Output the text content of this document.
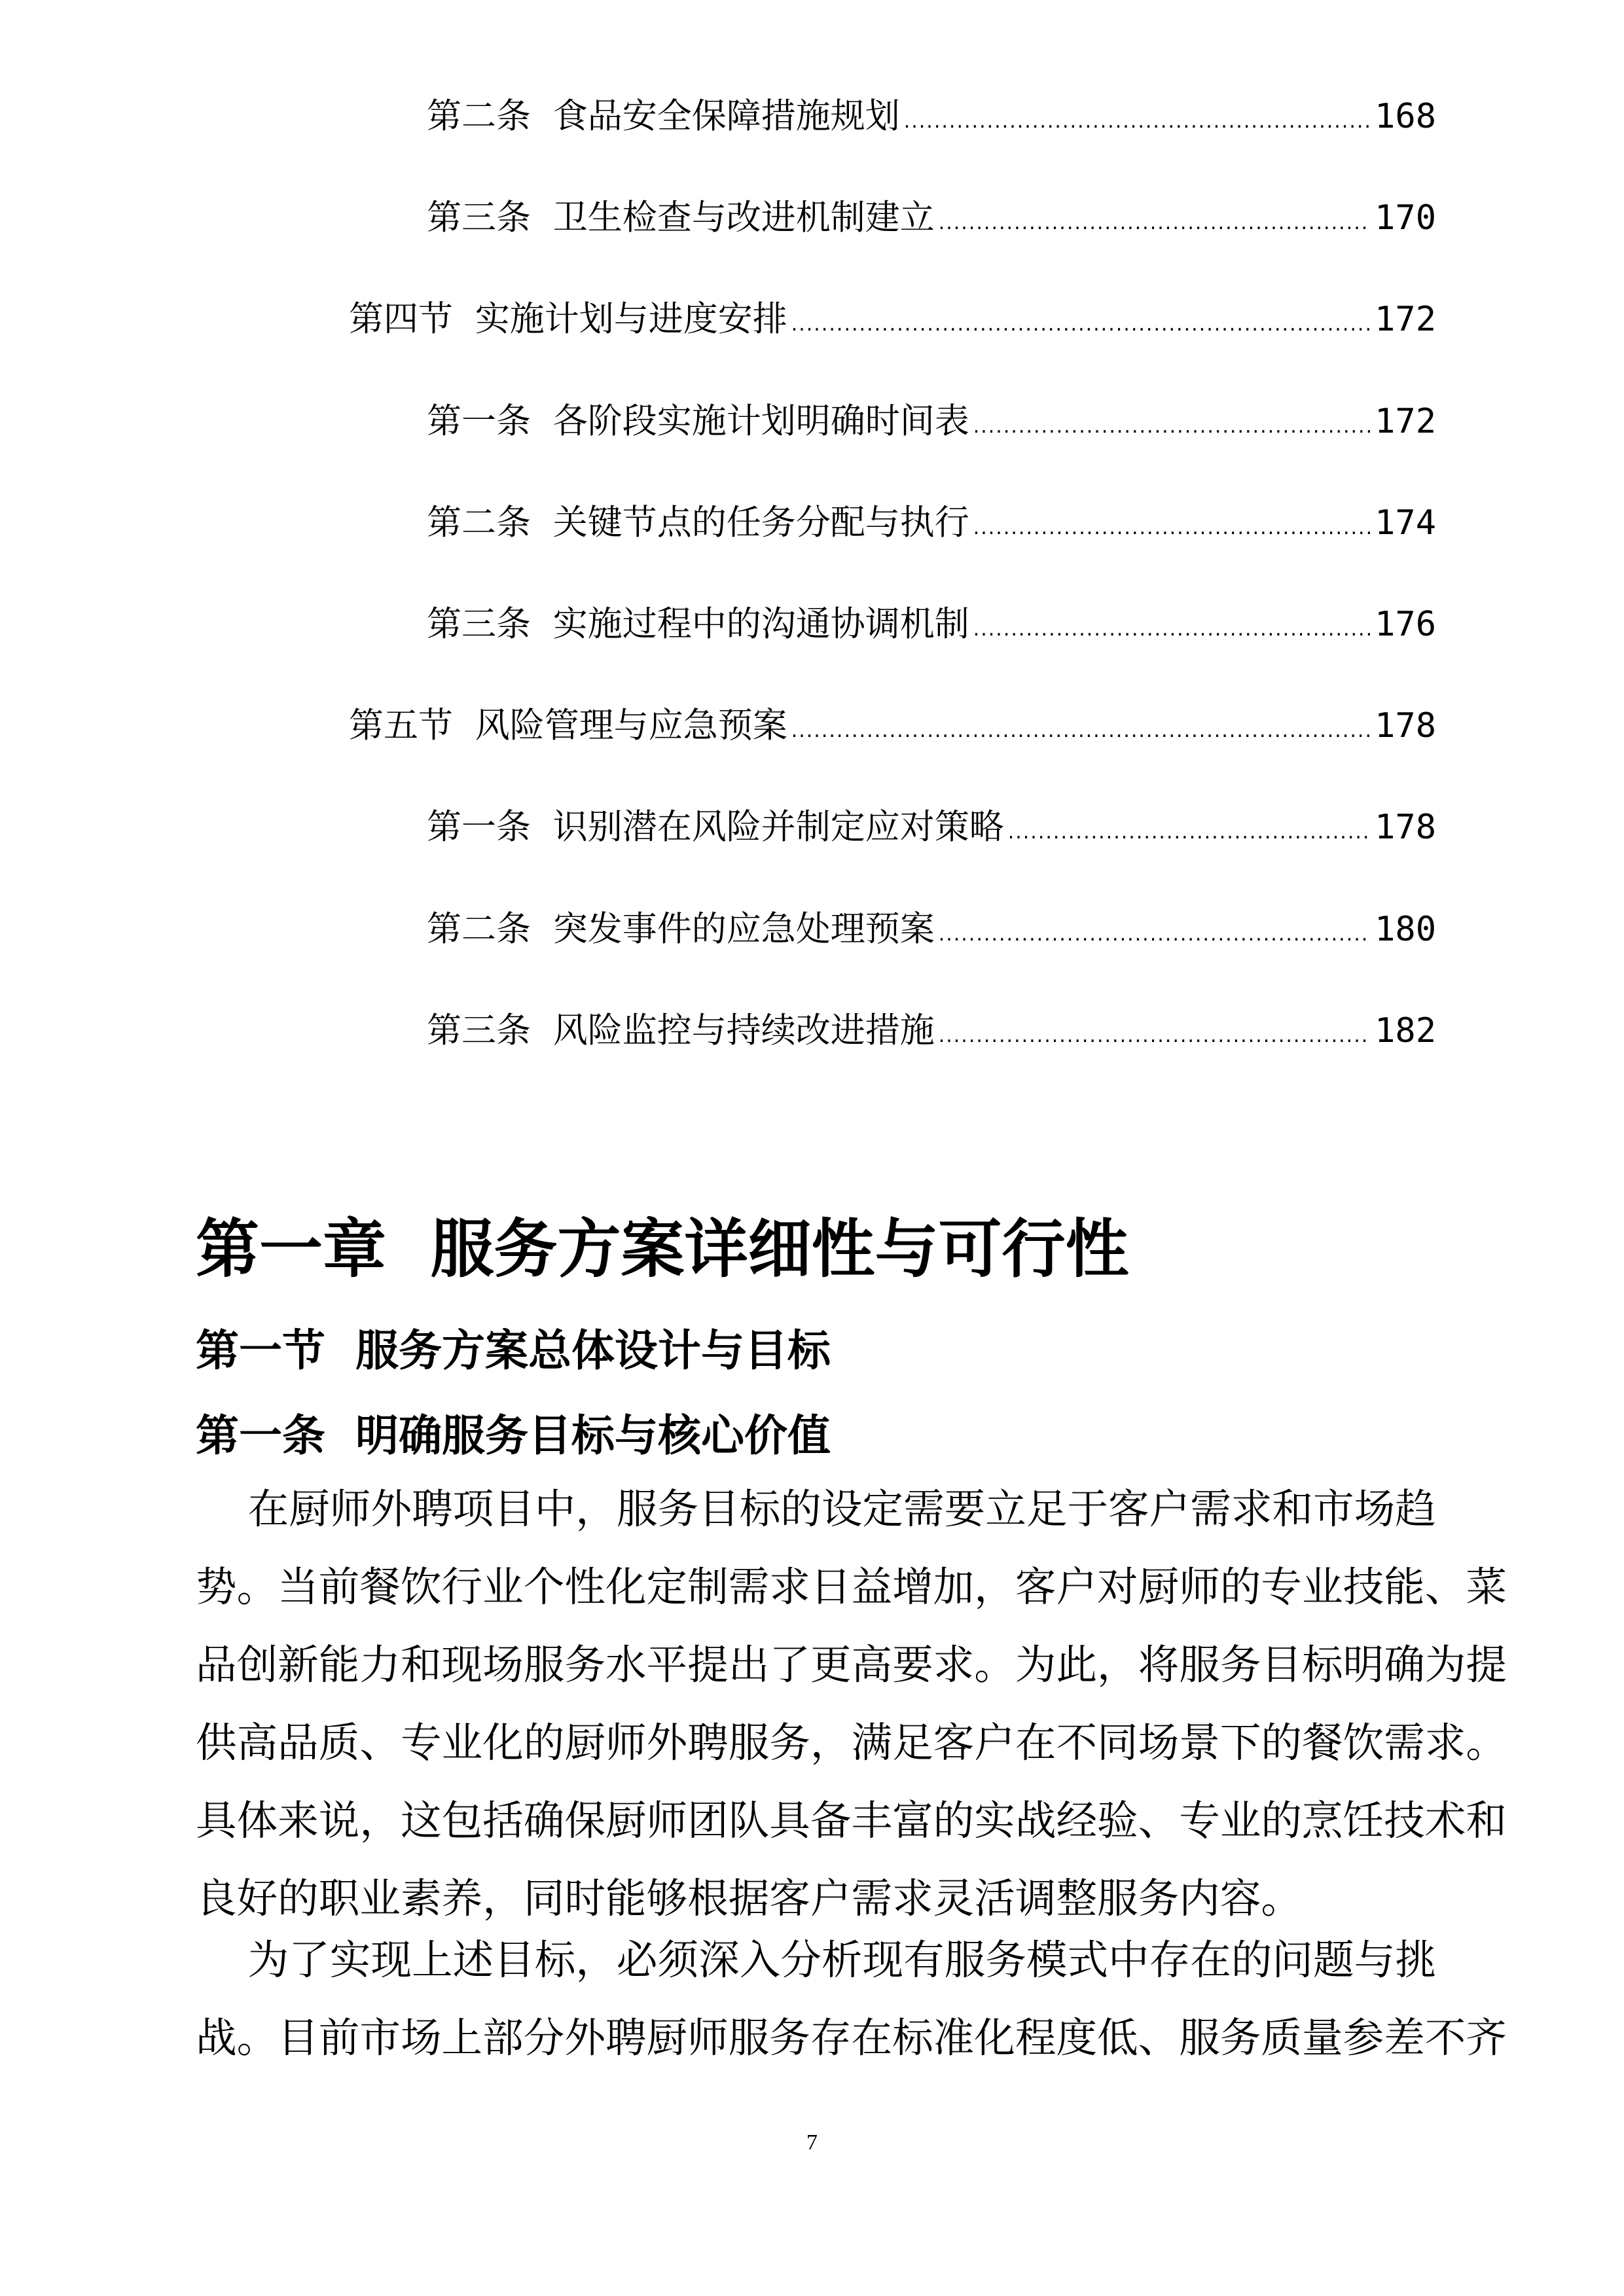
第二条  食品安全保障措施规划 .....	168
第三条  卫生检查与改进机制建立 .....	170
第四节  实施计划与进度安排 .....	172
第一条  各阶段实施计划明确时间表 .....	172
第二条  关键节点的任务分配与执行 .....	174
第三条  实施过程中的沟通协调机制 .....	176
第五节  风险管理与应急预案 .....	178
第一条  识别潜在风险并制定应对策略 .....	178
第二条  突发事件的应急处理预案 .....	180
第三条  风险监控与持续改进措施 .....	182
第一章  服务方案详细性与可行性
第一节  服务方案总体设计与目标
第一条  明确服务目标与核心价值
在厨师外聘项目中，服务目标的设定需要立足于客户需求和市场趋
势。当前餐饮行业个性化定制需求日益增加，客户对厨师的专业技能、菜
品创新能力和现场服务水平提出了更高要求。为此，将服务目标明确为提
供高品质、专业化的厨师外聘服务，满足客户在不同场景下的餐饮需求。
具体来说，这包括确保厨师团队具备丰富的实战经验、专业的烹饪技术和
良好的职业素养，同时能够根据客户需求灵活调整服务内容。
为了实现上述目标，必须深入分析现有服务模式中存在的问题与挑
战。目前市场上部分外聘厨师服务存在标准化程度低、服务质量参差不齐
7
